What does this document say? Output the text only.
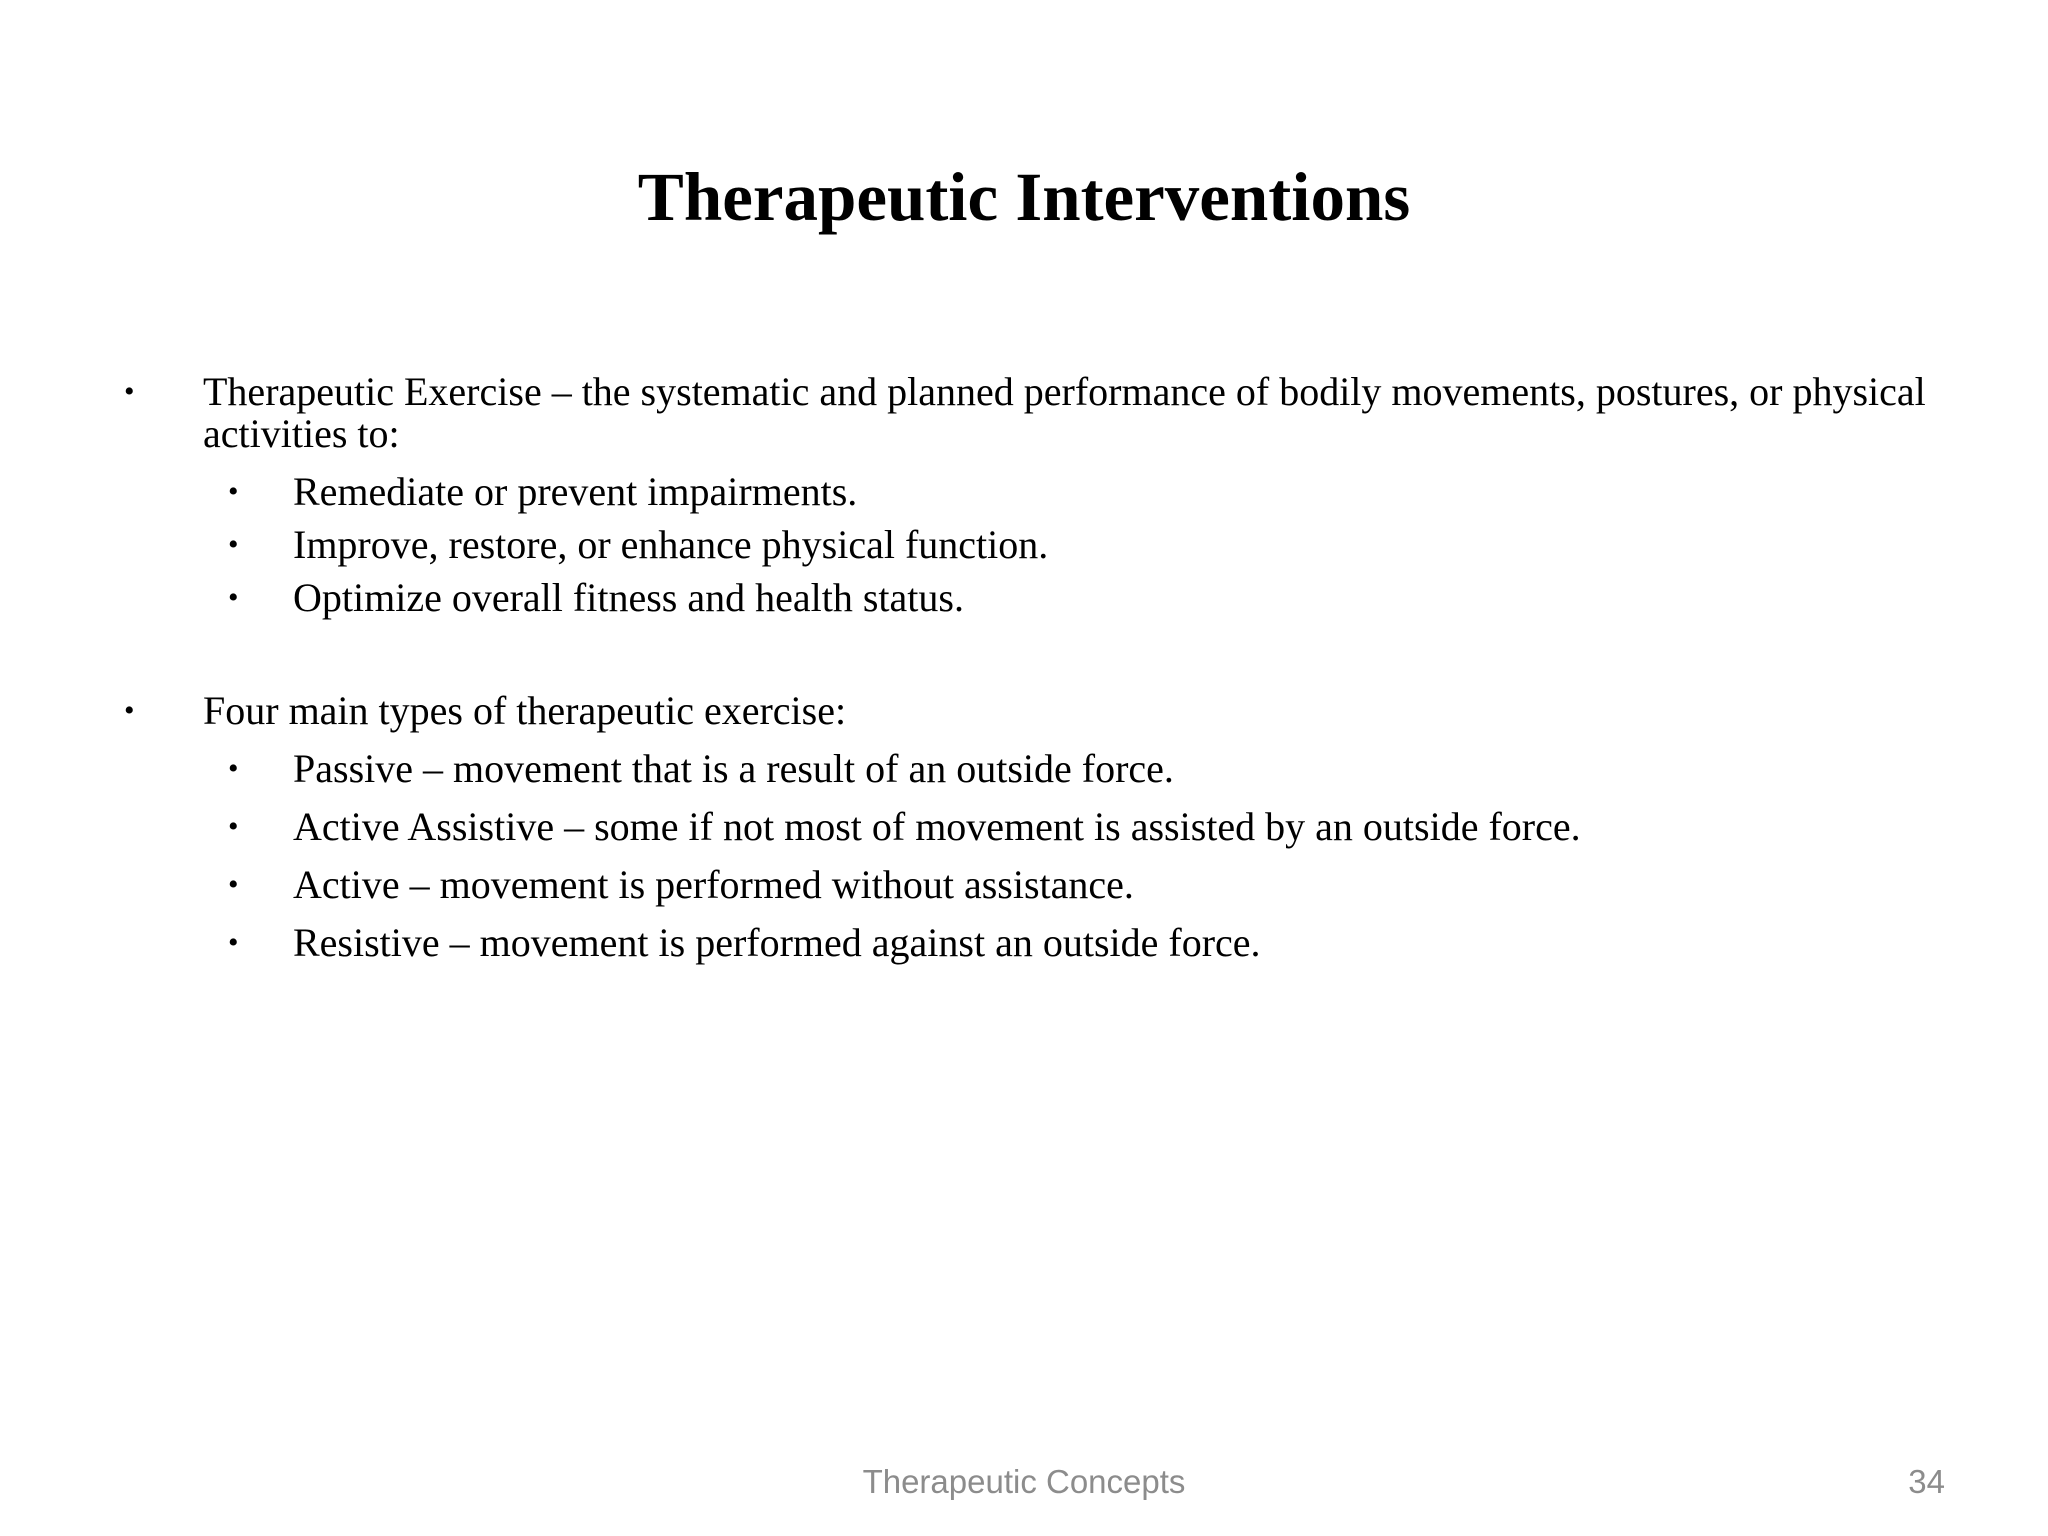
Therapeutic Interventions
• Therapeutic Exercise – the systematic and planned performance of bodily movements, postures, or physical activities to:
• Remediate or prevent impairments.
• Improve, restore, or enhance physical function.
• Optimize overall fitness and health status.
• Four main types of therapeutic exercise:
• Passive – movement that is a result of an outside force.
• Active Assistive – some if not most of movement is assisted by an outside force.
• Active – movement is performed without assistance.
• Resistive – movement is performed against an outside force.
Therapeutic Concepts	34
